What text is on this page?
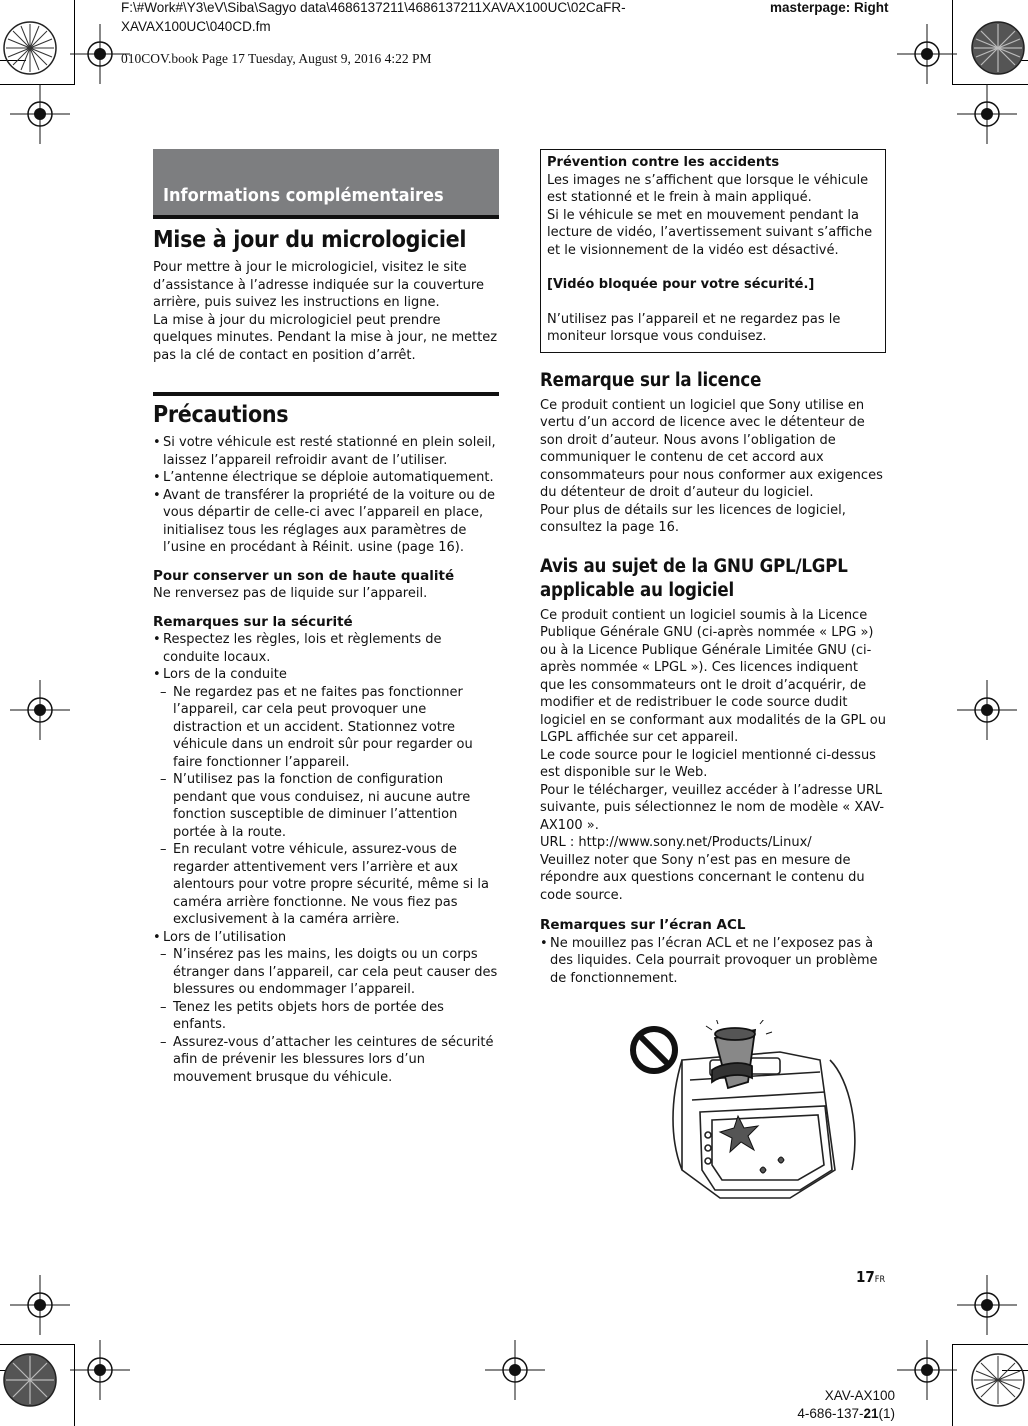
F:\#Work#\Y3\eV\Siba\Sagyo data\4686137211\4686137211XAVAX100UC\02CaFR-
XAVAX100UC\040CD.fm
masterpage: Right
010COV.book Page 17 Tuesday, August 9, 2016 4:22 PM
Informations complémentaires
Mise à jour du micrologiciel

Pour mettre à jour le micrologiciel, visitez le site d’assistance à l’adresse indiquée sur la couverture arrière, puis suivez les instructions en ligne.

La mise à jour du micrologiciel peut prendre quelques minutes. Pendant la mise à jour, ne mettez pas la clé de contact en position d’arrêt.

Précautions
• Si votre véhicule est resté stationné en plein soleil, laissez l’appareil refroidir avant de l’utiliser.
• L’antenne électrique se déploie automatiquement.
• Avant de transférer la propriété de la voiture ou de vous départir de celle-ci avec l’appareil en place, initialisez tous les réglages aux paramètres de l’usine en procédant à Réinit. usine (page 16).
Pour conserver un son de haute qualité

Ne renversez pas de liquide sur l’appareil.

Remarques sur la sécurité
• Respectez les règles, lois et règlements de conduite locaux.
• Lors de la conduite
– Ne regardez pas et ne faites pas fonctionner l’appareil, car cela peut provoquer une distraction et un accident. Stationnez votre véhicule dans un endroit sûr pour regarder ou faire fonctionner l’appareil.
– N’utilisez pas la fonction de configuration pendant que vous conduisez, ni aucune autre fonction susceptible de diminuer l’attention portée à la route.
– En reculant votre véhicule, assurez-vous de regarder attentivement vers l’arrière et aux alentours pour votre propre sécurité, même si la caméra arrière fonctionne. Ne vous fiez pas exclusivement à la caméra arrière.
• Lors de l’utilisation
– N’insérez pas les mains, les doigts ou un corps étranger dans l’appareil, car cela peut causer des blessures ou endommager l’appareil.
– Tenez les petits objets hors de portée des enfants.
– Assurez-vous d’attacher les ceintures de sécurité afin de prévenir les blessures lors d’un mouvement brusque du véhicule.
Prévention contre les accidents

Les images ne s’affichent que lorsque le véhicule est stationné et le frein à main appliqué.

Si le véhicule se met en mouvement pendant la lecture de vidéo, l’avertissement suivant s’affiche et le visionnement de la vidéo est désactivé.

[Vidéo bloquée pour votre sécurité.]

N’utilisez pas l’appareil et ne regardez pas le moniteur lorsque vous conduisez.

Remarque sur la licence

Ce produit contient un logiciel que Sony utilise en vertu d’un accord de licence avec le détenteur de son droit d’auteur. Nous avons l’obligation de communiquer le contenu de cet accord aux consommateurs pour nous conformer aux exigences du détenteur de droit d’auteur du logiciel.

Pour plus de détails sur les licences de logiciel, consultez la page 16.

Avis au sujet de la GNU GPL/LGPL
applicable au logiciel

Ce produit contient un logiciel soumis à la Licence Publique Générale GNU (ci-après nommée « LPG ») ou à la Licence Publique Générale Limitée GNU (ci-après nommée « LPGL »). Ces licences indiquent que les consommateurs ont le droit d’acquérir, de modifier et de redistribuer le code source dudit logiciel en se conformant aux modalités de la GPL ou LGPL affichée sur cet appareil.

Le code source pour le logiciel mentionné ci-dessus est disponible sur le Web.

Pour le télécharger, veuillez accéder à l’adresse URL suivante, puis sélectionnez le nom de modèle « XAV-AX100 ».

URL : http://www.sony.net/Products/Linux/

Veuillez noter que Sony n’est pas en mesure de répondre aux questions concernant le contenu du code source.

Remarques sur l’écran ACL
• Ne mouillez pas l’écran ACL et ne l’exposez pas à des liquides. Cela pourrait provoquer un problème de fonctionnement.
17FR
XAV-AX100
4-686-137-21(1)
